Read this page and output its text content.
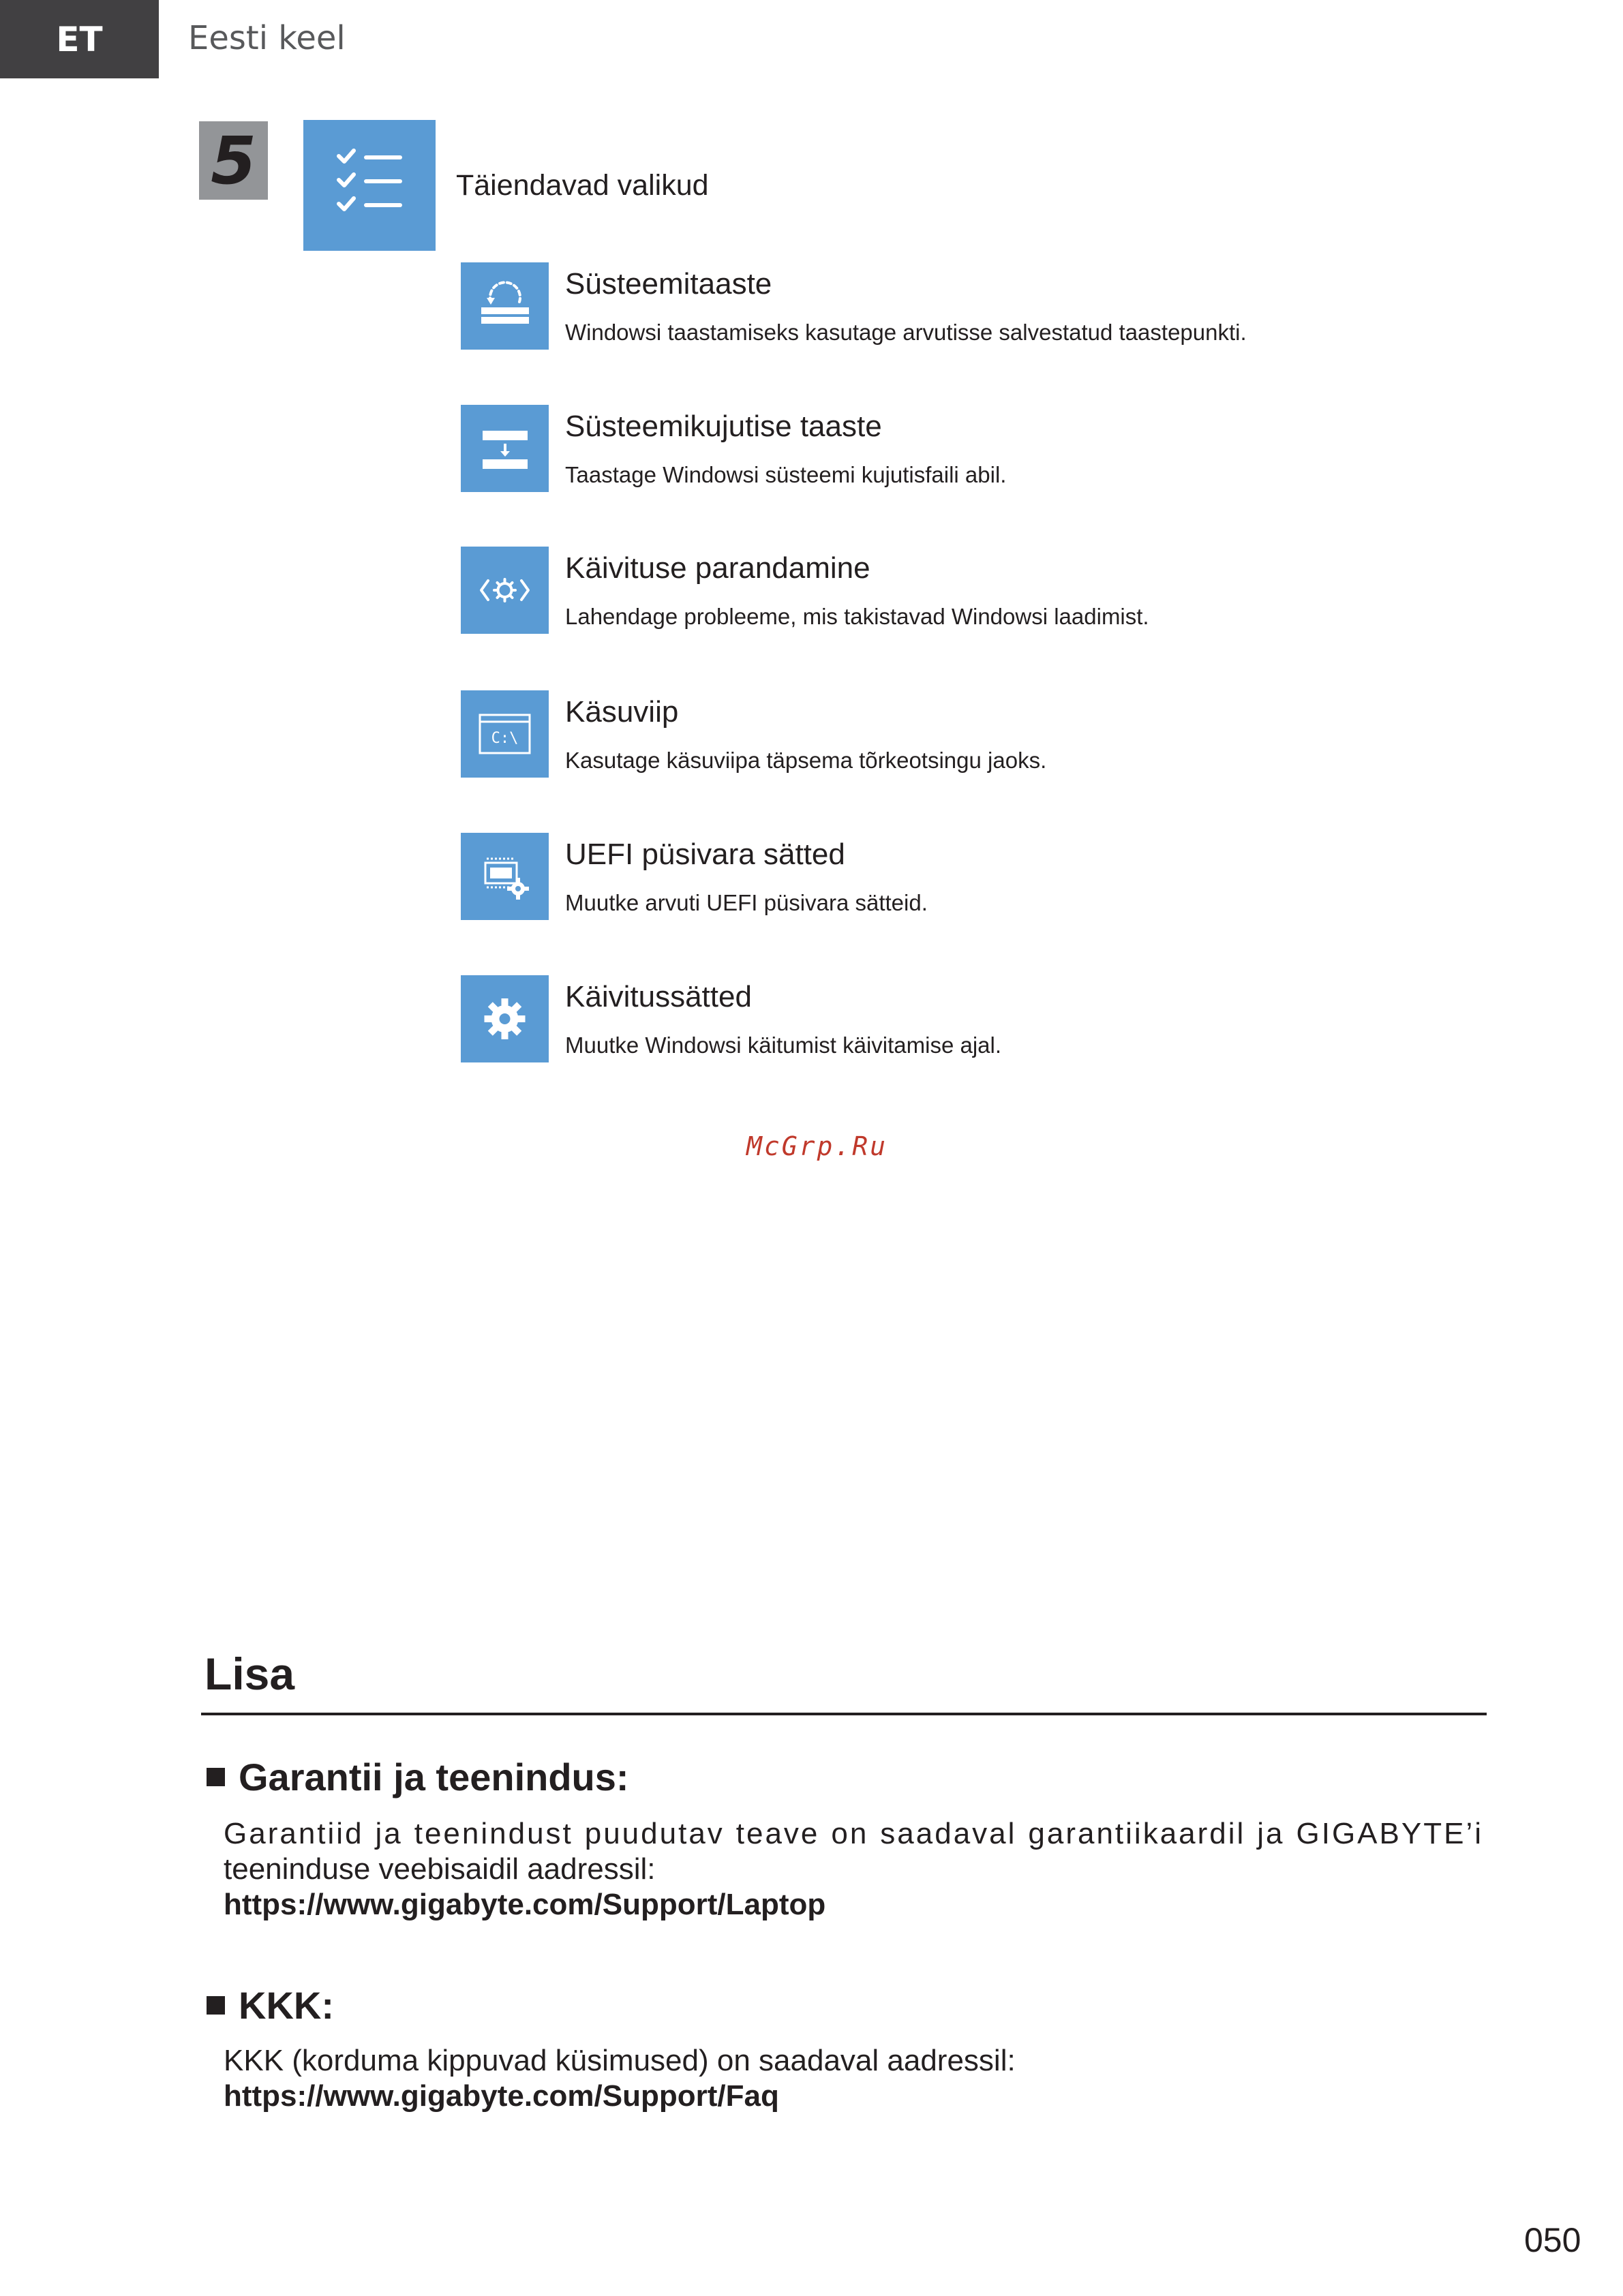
ET	Eesti keel
5	Täiendavad valikud
Süsteemitaaste
Windowsi taastamiseks kasutage arvutisse salvestatud taastepunkti.
Süsteemikujutise taaste
Taastage Windowsi süsteemi kujutisfaili abil.
Käivituse parandamine
Lahendage probleeme, mis takistavad Windowsi laadimist.
C:\
Käsuviip
Kasutage käsuviipa täpsema tõrkeotsingu jaoks.
UEFI püsivara sätted
Muutke arvuti UEFI püsivara sätteid.
Käivitussätted
Muutke Windowsi käitumist käivitamise ajal.
McGrp.Ru
Lisa
Garantii ja teenindus:
Garantiid ja teenindust puudutav teave on saadaval garantiikaardil ja GIGABYTE’i
teeninduse veebisaidil aadressil:
https://www.gigabyte.com/Support/Laptop
KKK:
KKK (korduma kippuvad küsimused) on saadaval aadressil:
https://www.gigabyte.com/Support/Faq
050
